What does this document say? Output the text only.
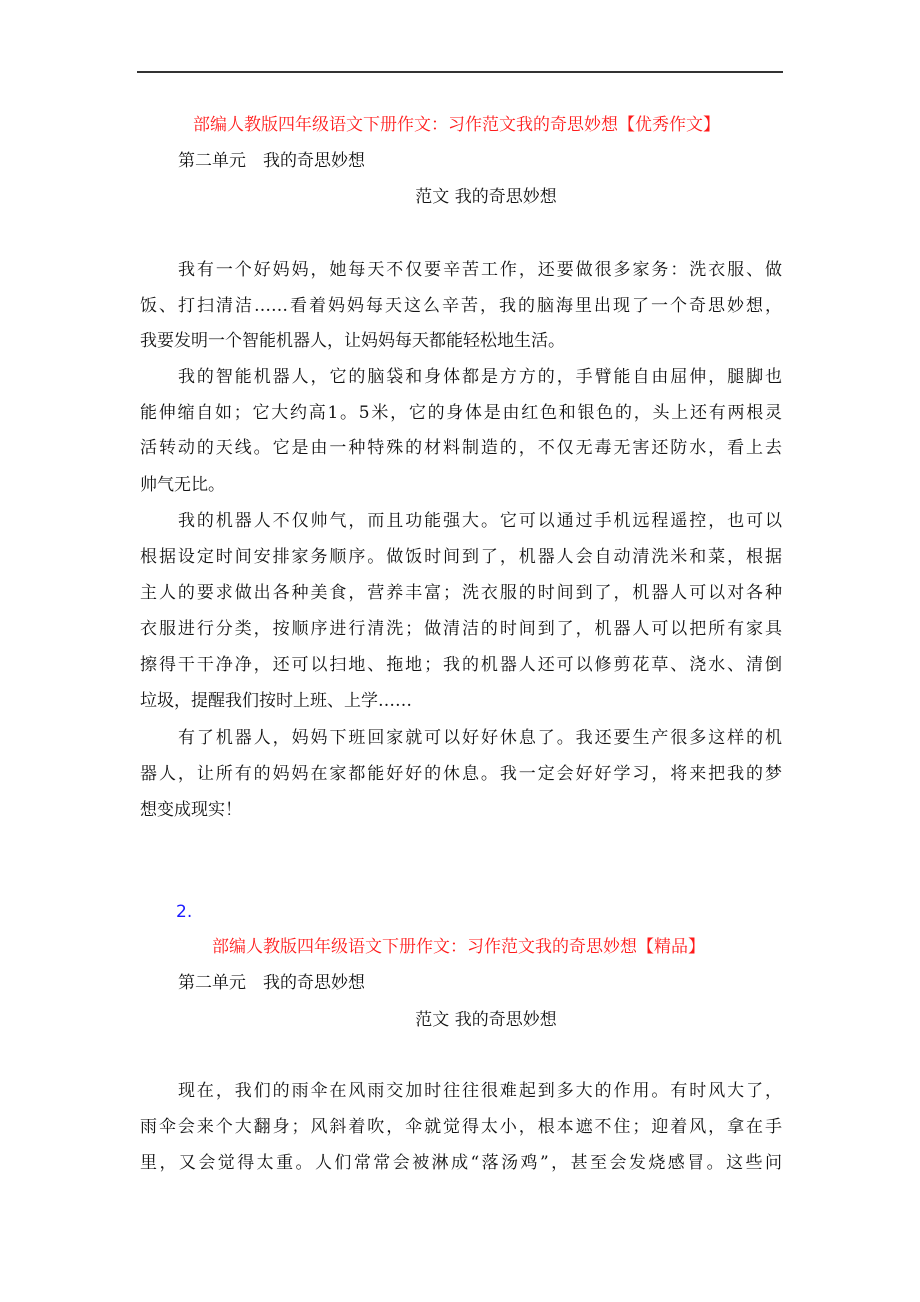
部编人教版四年级语文下册作文：习作范文我的奇思妙想【优秀作文】
第二单元　我的奇思妙想
范文 我的奇思妙想
我有一个好妈妈，她每天不仅要辛苦工作，还要做很多家务：洗衣服、做
饭、打扫清洁……看着妈妈每天这么辛苦，我的脑海里出现了一个奇思妙想，
我要发明一个智能机器人，让妈妈每天都能轻松地生活。
我的智能机器人，它的脑袋和身体都是方方的，手臂能自由屈伸，腿脚也
能伸缩自如；它大约高1。5米，它的身体是由红色和银色的，头上还有两根灵
活转动的天线。它是由一种特殊的材料制造的，不仅无毒无害还防水，看上去
帅气无比。
我的机器人不仅帅气，而且功能强大。它可以通过手机远程遥控，也可以
根据设定时间安排家务顺序。做饭时间到了，机器人会自动清洗米和菜，根据
主人的要求做出各种美食，营养丰富；洗衣服的时间到了，机器人可以对各种
衣服进行分类，按顺序进行清洗；做清洁的时间到了，机器人可以把所有家具
擦得干干净净，还可以扫地、拖地；我的机器人还可以修剪花草、浇水、清倒
垃圾，提醒我们按时上班、上学……
有了机器人，妈妈下班回家就可以好好休息了。我还要生产很多这样的机
器人，让所有的妈妈在家都能好好的休息。我一定会好好学习，将来把我的梦
想变成现实！
2.
部编人教版四年级语文下册作文：习作范文我的奇思妙想【精品】
第二单元　我的奇思妙想
范文 我的奇思妙想
现在，我们的雨伞在风雨交加时往往很难起到多大的作用。有时风大了，
雨伞会来个大翻身；风斜着吹，伞就觉得太小，根本遮不住；迎着风，拿在手
里，又会觉得太重。人们常常会被淋成“落汤鸡”，甚至会发烧感冒。这些问
